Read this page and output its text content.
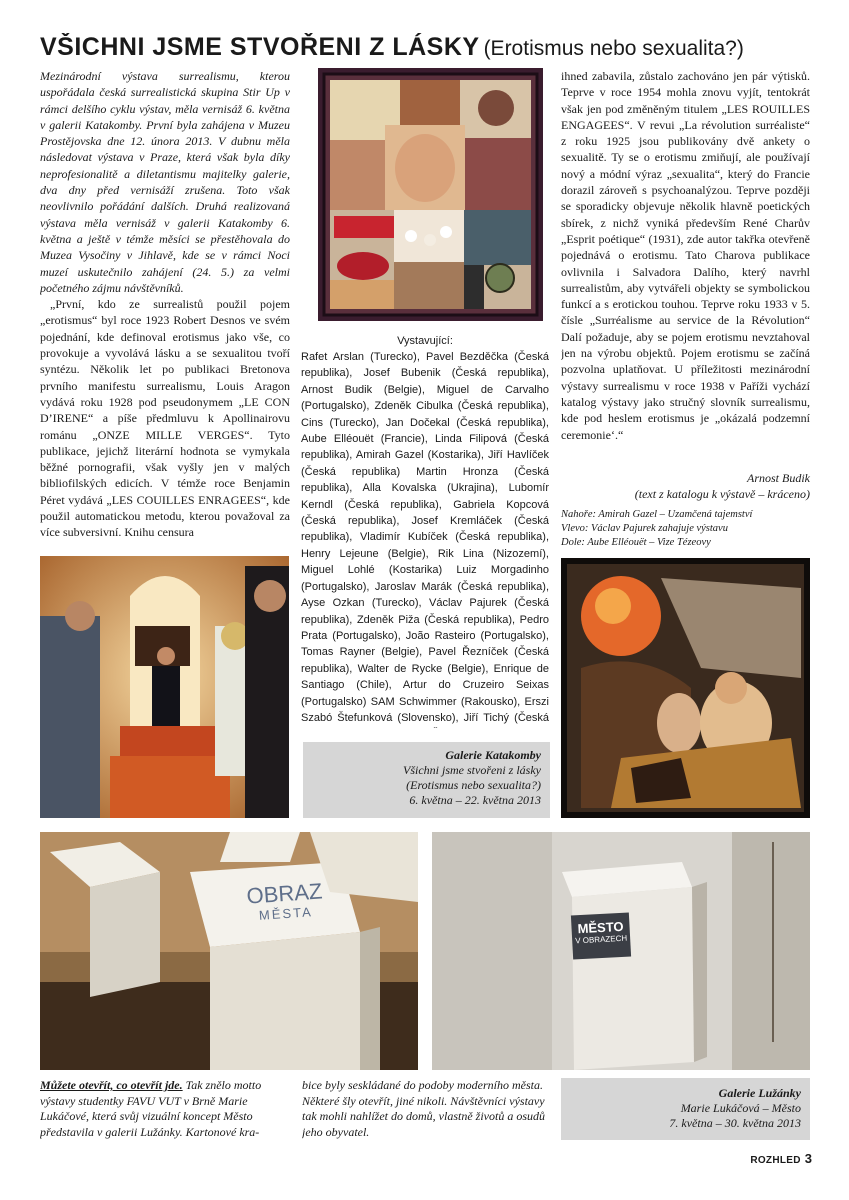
VŠICHNI JSME STVOŘENI Z LÁSKY (Erotismus nebo sexualita?)

Mezinárodní výstava surrealismu, kterou uspořádala česká surrealistická skupina Stir Up v rámci delšího cyklu výstav, měla vernisáž 6. května v galerii Katakomby. První byla zahájena v Muzeu Prostějovska dne 12. února 2013. V dubnu měla následovat výstava v Praze, která však byla díky neprofesionalitě a diletantismu majitelky galerie, dva dny před vernisáží zrušena. Toto však neovlivnilo pořádání dalších. Druhá realizovaná výstava měla vernisáž v galerii Katakomby 6. května a ještě v témže měsíci se přestěhovala do Muzea Vysočiny v Jihlavě, kde se v rámci Noci muzeí uskutečnilo zahájení (24. 5.) za velmi početného zájmu návštěvníků.

„První, kdo ze surrealistů použil pojem „erotismus“ byl roce 1923 Robert Desnos ve svém pojednání, kde definoval erotismus jako vše, co provokuje a vyvolává lásku a se sexualitou tvoří syntézu. Několik let po publikaci Bretonova prvního manifestu surrealismu, Louis Aragon vydává roku 1928 pod pseudonymem „LE CON D’IRENE“ a píše předmluvu k Apollinairovu románu „ONZE MILLE VERGES“. Tyto publikace, jejichž literární hodnota se vymykala běžné pornografii, však vyšly jen v malých bibliofilských edicích. V témže roce Benjamin Péret vydává „LES COUILLES ENRAGEES“, kde použil automatickou metodu, kterou považoval za více subversivní. Knihu censura

Vystavující:
Rafet Arslan (Turecko), Pavel Bezděčka (Česká republika), Josef Bubenik (Česká republika), Arnost Budik (Belgie), Miguel de Carvalho (Portugalsko), Zdeněk Cibulka (Česká republika), Cins (Turecko), Jan Dočekal (Česká republika), Aube Elléouët (Francie), Linda Filipová (Česká republika), Amirah Gazel (Kostarika), Jiří Havlíček (Česká republika) Martin Hronza (Česká republika), Alla Kovalska (Ukrajina), Lubomír Kerndl (Česká republika), Gabriela Kopcová (Česká republika), Josef Kremláček (Česká republika), Vladimír Kubíček (Česká republika), Henry Lejeune (Belgie), Rik Lina (Nizozemí), Miguel Lohlé (Kostarika) Luiz Morgadinho (Portugalsko), Jaroslav Marák (Česká republika), Ayse Ozkan (Turecko), Václav Pajurek (Česká republika), Zdeněk Piža (Česká republika), Pedro Prata (Portugalsko), João Rasteiro (Portugalsko), Tomas Rayner (Belgie), Pavel Řezníček (Česká republika), Walter de Rycke (Belgie), Enrique de Santiago (Chile), Artur do Cruzeiro Seixas (Portugalsko) SAM Schwimmer (Rakousko), Erszi Szabó Štefunková (Slovensko), Jiří Tichý (Česká

ihned zabavila, zůstalo zachováno jen pár výtisků. Teprve v roce 1954 mohla znovu vyjít, tentokrát však jen pod změněným titulem „LES ROUILLES ENGAGEES“. V revui „La révolution surréaliste“ z roku 1925 jsou publikovány dvě ankety o sexualitě. Ty se o erotismu zmiňují, ale používají nový a módní výraz „sexualita“, který do Francie dorazil zároveň s psychoanalýzou. Teprve později se sporadicky objevuje několik hlavně poetických sbírek, z nichž vyniká především René Charův „Esprit poétique“ (1931), zde autor takřka otevřeně pojednává o erotismu. Tato Charova publikace ovlivnila i Salvadora Dalího, který navrhl surrealistům, aby vytvářeli objekty se symbolickou funkcí a s erotickou touhou. Teprve roku 1933 v 5. čísle „Surréalisme au service de la Révolution“ Dalí požaduje, aby se pojem erotismu nevztahoval jen na výrobu objektů. Pojem erotismu se začíná pozvolna uplatňovat. U příležitosti mezinárodní výstavy surrealismu v roce 1938 v Paříži vychází katalog výstavy jako stručný slovník surrealismu, kde pod heslem erotismus je „okázalá podzemní ceremonie‘.“

Arnost Budik
(text z katalogu k výstavě – kráceno)
Nahoře: Amirah Gazel – Uzamčená tajemství
Vlevo: Václav Pajurek zahajuje výstavu
Dole: Aube Elléouët – Vize Tézeovy
Galerie Katakomby
Všichni jsme stvořeni z lásky
(Erotismus nebo sexualita?)
6. května – 22. května 2013
OBRAZ
MĚSTA
MĚSTO
V OBRAZECH
Můžete otevřít, co otevřít jde. Tak znělo motto výstavy studentky FAVU VUT v Brně Marie Lukáčové, která svůj vizuální koncept Město představila v galerii Lužánky. Kartonové kra-
bice byly seskládané do podoby moderního města. Některé šly otevřít, jiné nikoli. Návštěvníci výstavy tak mohli nahlížet do domů, vlastně životů a osudů jeho obyvatel.
Galerie Lužánky
Marie Lukáčová – Město
7. května – 30. května 2013
ROZHLED 3
